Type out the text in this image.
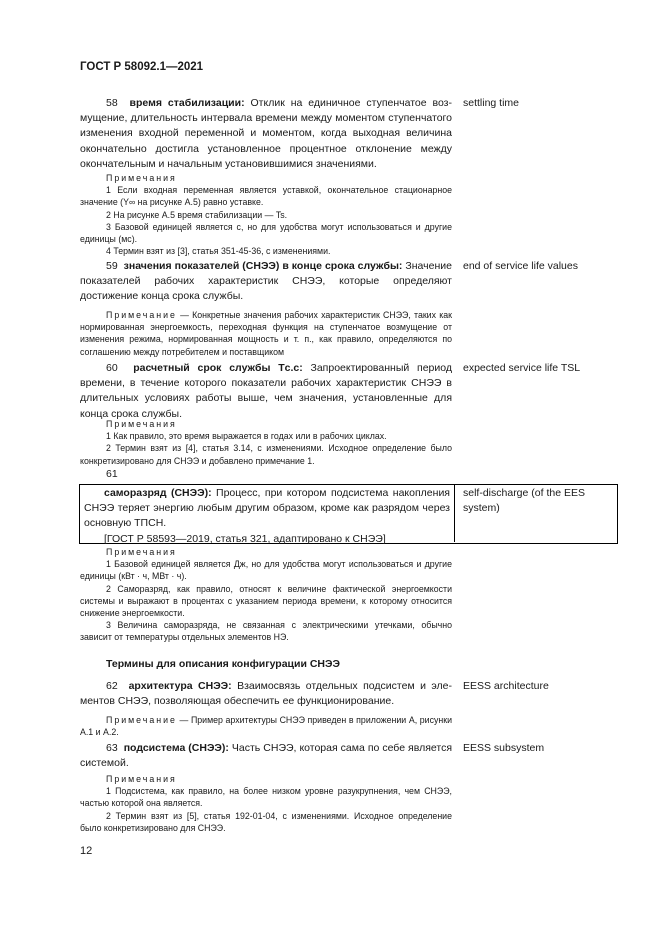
ГОСТ Р 58092.1—2021

58 время стабилизации: Отклик на единичное ступенчатое возмущение, длительность интервала времени между моментом ступенчатого изменения входной переменной и моментом, когда выходная величина окончательно достигла установленное процентное отклонение между окончательным и начальным установившимися значениями.

settling time

Примечания

1 Если входная переменная является уставкой, окончательное стационарное значение (Y∞ на рисунке А.5) равно уставке.

2 На рисунке А.5 время стабилизации — Ts.

3 Базовой единицей является с, но для удобства могут использоваться и другие единицы (мс).

4 Термин взят из [3], статья 351-45-36, с изменениями.

59 значения показателей (СНЭЭ) в конце срока службы: Значение показателей рабочих характеристик СНЭЭ, которые определяют достижение конца срока службы.

end of service life values

Примечание — Конкретные значения рабочих характеристик СНЭЭ, таких как нормированная энергоемкость, переходная функция на ступенчатое возмущение от изменения режима, нормированная мощность и т. п., как правило, определяются по соглашению между потребителем и поставщиком

60 расчетный срок службы Tс.с: Запроектированный период времени, в течение которого показатели рабочих характеристик СНЭЭ в длительных условиях работы выше, чем значения, установленные для конца срока службы.

expected service life TSL

Примечания

1 Как правило, это время выражается в годах или в рабочих циклах.

2 Термин взят из [4], статья 3.14, с изменениями. Исходное определение было конкретизировано для СНЭЭ и добавлено примечание 1.

61

саморазряд (СНЭЭ): Процесс, при котором подсистема накопления СНЭЭ теряет энергию любым другим образом, кроме как разрядом через основную ТПСН.

[ГОСТ Р 58593—2019, статья 321, адаптировано к СНЭЭ]

self-discharge (of the EES system)

Примечания

1 Базовой единицей является Дж, но для удобства могут использоваться и другие единицы (кВт · ч, МВт · ч).

2 Саморазряд, как правило, относят к величине фактической энергоемкости системы и выражают в процентах с указанием периода времени, к которому относится снижение энергоемкости.

3 Величина саморазряда, не связанная с электрическими утечками, обычно зависит от температуры отдельных элементов НЭ.

Термины для описания конфигурации СНЭЭ

62 архитектура СНЭЭ: Взаимосвязь отдельных подсистем и элементов СНЭЭ, позволяющая обеспечить ее функционирование.

EESS architecture

Примечание — Пример архитектуры СНЭЭ приведен в приложении А, рисунки А.1 и А.2.

63 подсистема (СНЭЭ): Часть СНЭЭ, которая сама по себе является системой.

EESS subsystem

Примечания

1 Подсистема, как правило, на более низком уровне разукрупнения, чем СНЭЭ, частью которой она является.

2 Термин взят из [5], статья 192-01-04, с изменениями. Исходное определение было конкретизировано для СНЭЭ.

12
